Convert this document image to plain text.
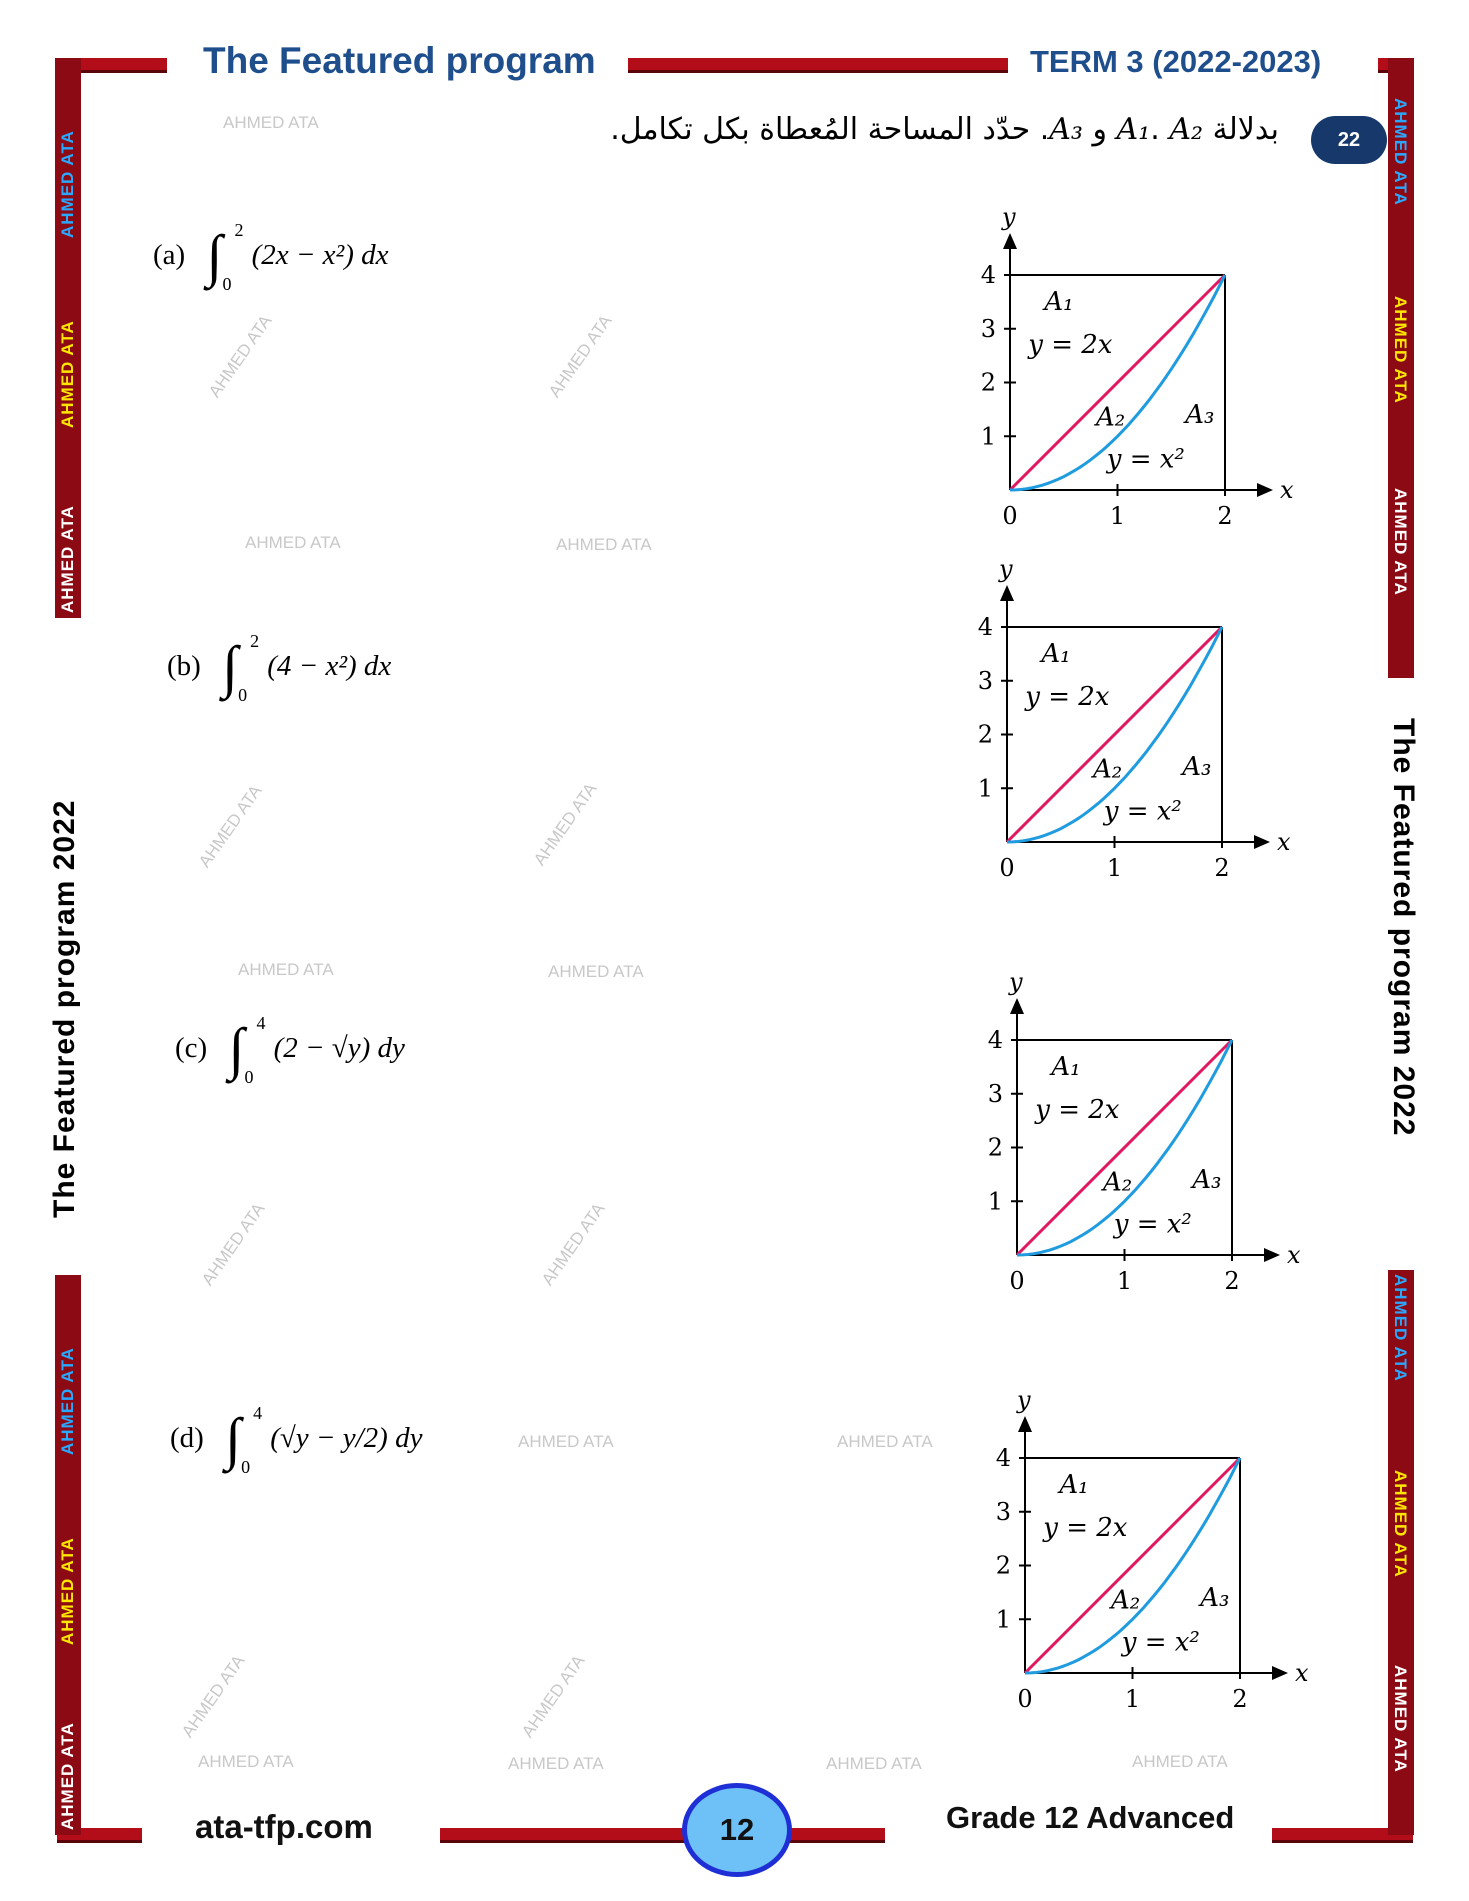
The Featured program	TERM 3 (2022-2023)
AHMED ATA
AHMED ATA
AHMED ATA
AHMED ATA
AHMED ATA
AHMED ATA
The Featured program 2022
AHMED ATA
AHMED ATA
AHMED ATA
AHMED ATA
AHMED ATA
AHMED ATA
The Featured program 2022
22
بدلالة A₁. A₂ و A₃. حدّد المساحة المُعطاة بكل تكامل.
(a) ∫ 2
0
(2x − x²) dx
(b) ∫ 2
0
(4 − x²) dx
(c) ∫ 4
0
(2 − √y) dy
(d) ∫ 4
0
(√y − y/2) dy
AHMED ATA
AHMED ATA	AHMED ATA
AHMED ATA	AHMED ATA
AHMED ATA	AHMED ATA
AHMED ATA	AHMED ATA	AHMED ATA	AHMED ATA
AHMED ATA	AHMED ATA
AHMED ATA	AHMED ATA
AHMED ATA	AHMED ATA
AHMED ATA	AHMED ATA
x
y
0	1	2
1
2
3
4
y = 2x
y = x²
A₁
A₂ A₃
x
y
0	1	2
1
2
3
4
y = 2x
y = x²
A₁
A₂ A₃
x
y
0	1	2
1
2
3
4
y = 2x
y = x²
A₁
A₂ A₃
x
y
0	1	2
1
2
3
4
y = 2x
y = x²
A₁
A₂ A₃
ata-tfp.com	12	Grade 12 Advanced
